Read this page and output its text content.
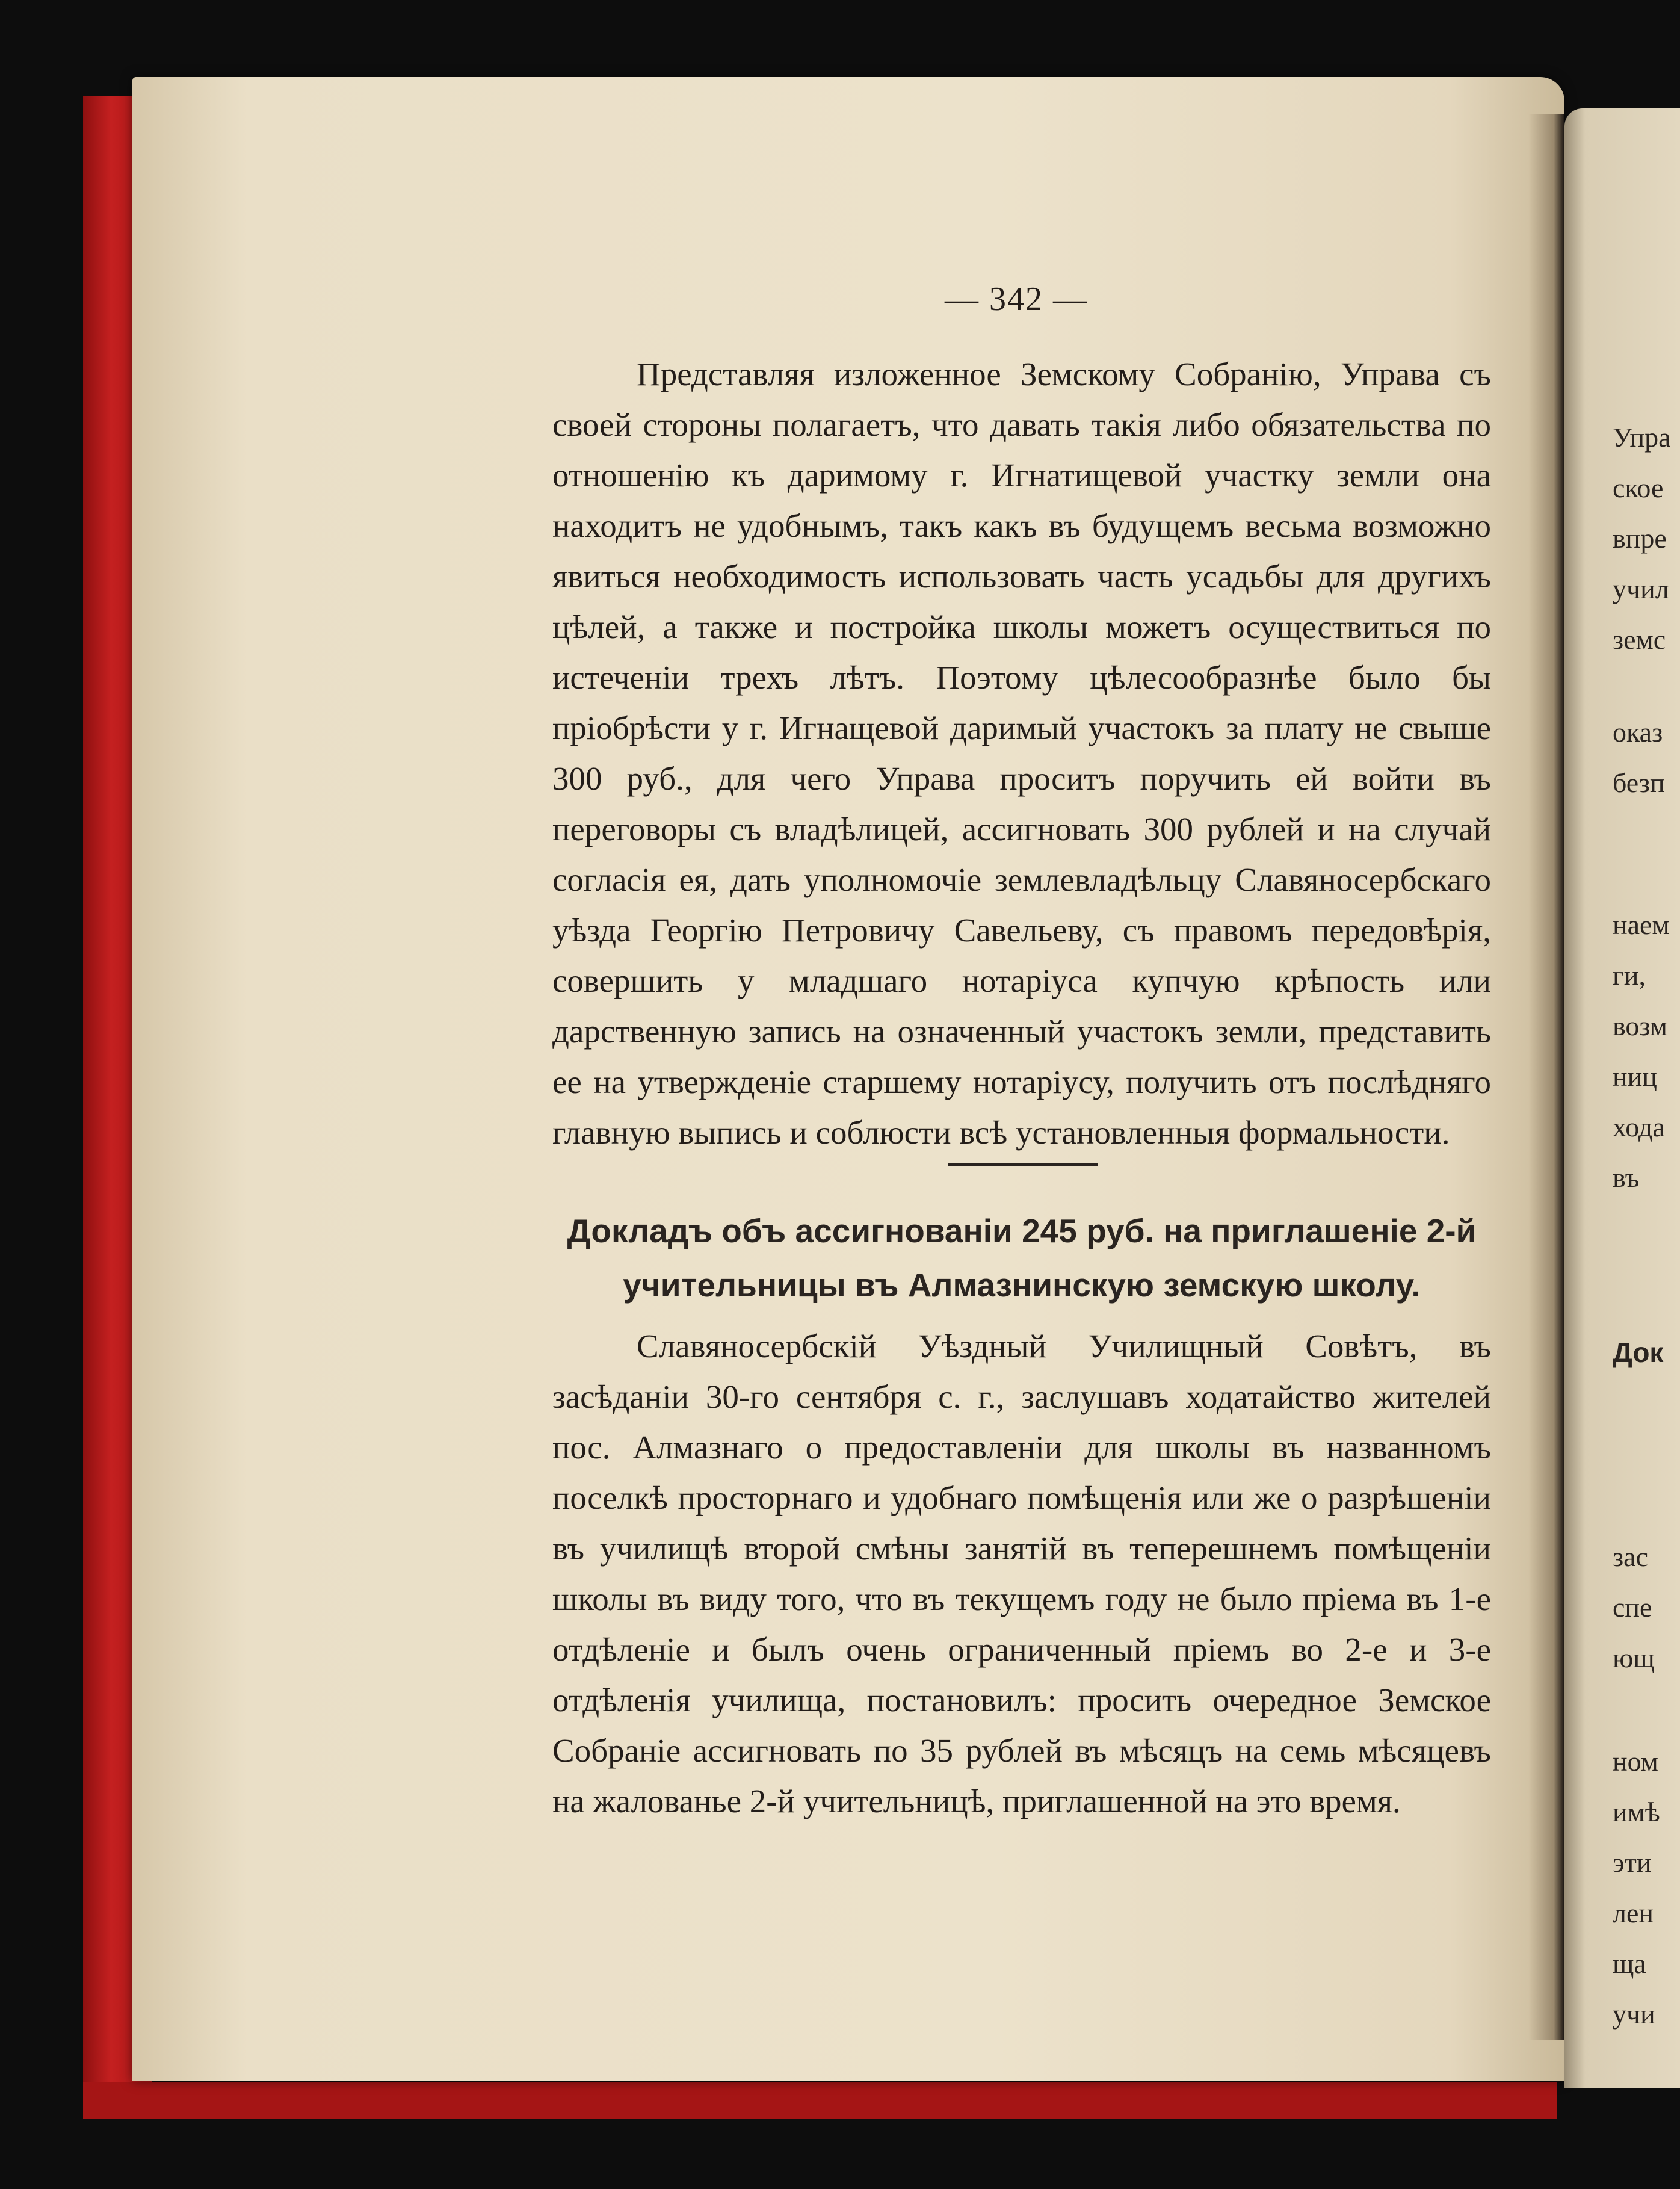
Упра
ское
впре
учил
земс
оказ
безп
наем
ги,
возм
ниц
хода
въ
Док
зас
спе
ющ
ном
имѣ
эти
лен
ща
учи
— 342 —
Представляя изложенное Земскому Собранію, Управа съ своей стороны полагаетъ, что давать такія либо обязательства по отношенію къ даримому г. Игнатищевой участку земли она находитъ не удобнымъ, такъ какъ въ будущемъ весьма возможно явиться необходимость использовать часть усадьбы для другихъ цѣлей, а также и постройка школы можетъ осуществиться по истеченіи трехъ лѣтъ. Поэтому цѣлесообразнѣе было бы пріобрѣсти у г. Игнащевой даримый участокъ за плату не свыше 300 руб., для чего Управа проситъ поручить ей войти въ переговоры съ владѣлицей, ассигновать 300 рублей и на случай согласія ея, дать уполномочіе землевладѣльцу Славяносербскаго уѣзда Георгію Петровичу Савельеву, съ правомъ передовѣрія, совершить у младшаго нотаріуса купчую крѣпость или дарственную запись на означенный участокъ земли, представить ее на утвержденіе старшему нотаріусу, получить отъ послѣдняго главную выпись и соблюсти всѣ установленныя формальности.
Докладъ объ ассигнованіи 245 руб. на приглашеніе 2-й учительницы въ Алмазнинскую земскую школу.
Славяносербскій Уѣздный Училищный Совѣтъ, въ засѣданіи 30-го сентября с. г., заслушавъ ходатайство жителей пос. Алмазнаго о предоставленіи для школы въ названномъ поселкѣ просторнаго и удобнаго помѣщенія или же о разрѣшеніи въ училищѣ второй смѣны занятій въ теперешнемъ помѣщеніи школы въ виду того, что въ текущемъ году не было пріема въ 1-е отдѣленіе и былъ очень ограниченный пріемъ во 2-е и 3-е отдѣленія училища, постановилъ: просить очередное Земское Собраніе ассигновать по 35 рублей въ мѣсяцъ на семь мѣсяцевъ на жалованье 2-й учительницѣ, приглашенной на это время.
